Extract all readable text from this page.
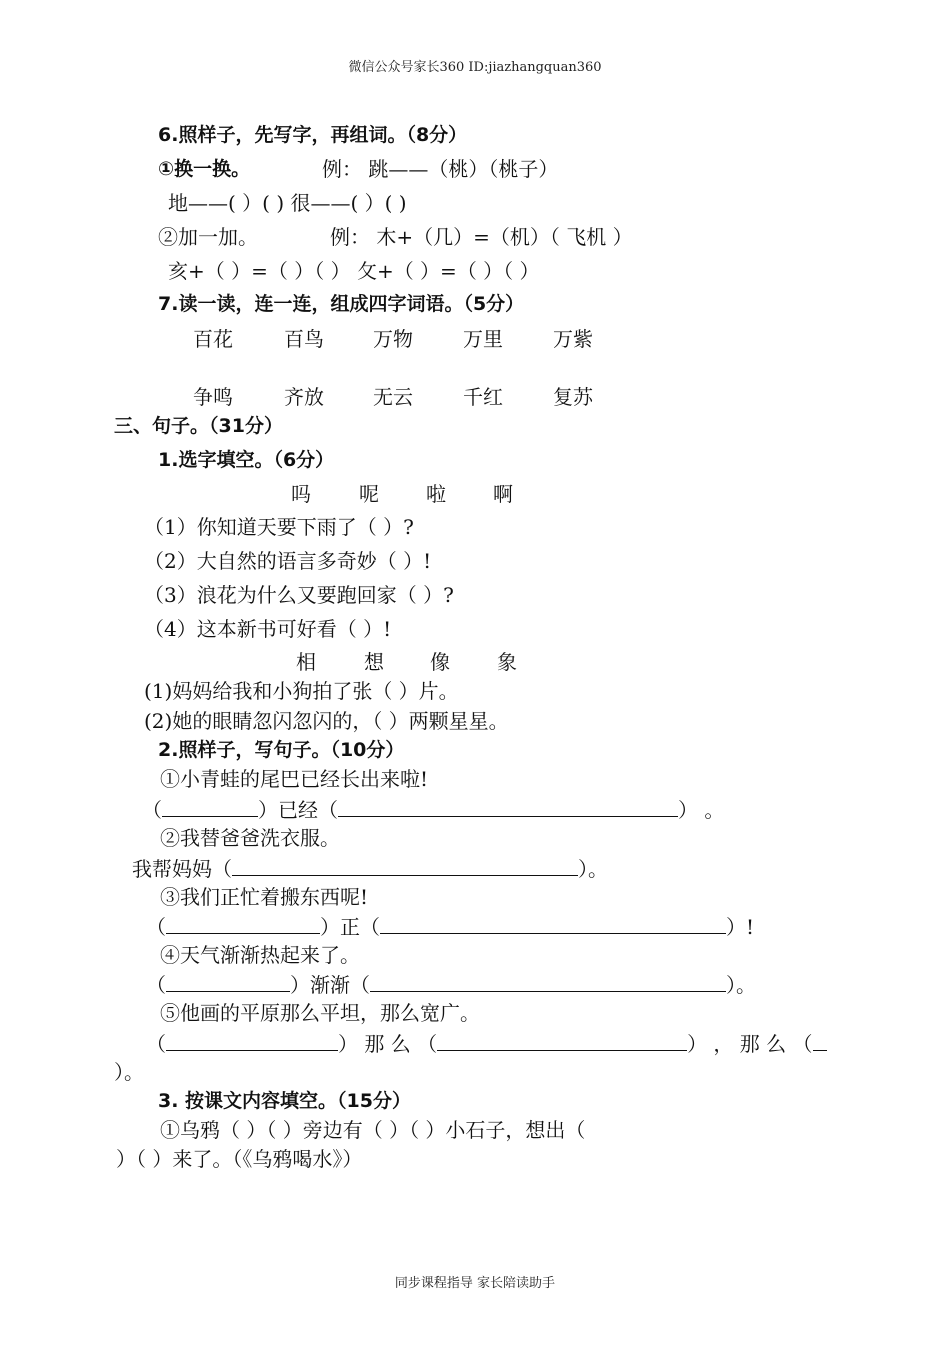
微信公众号家长360 ID:jiazhangquan360
6.照样子，先写字，再组词。（8分）
①换一换。	例： 跳——（桃）（桃子）
地——( ）( ) 很——( ）( )
②加一加。	例： 木+（几）=（机）（ 飞机 ）
亥+（ ）=（ ）（ ） 攵+（ ）=（ ）（ ）
7.读一读，连一连，组成四字词语。（5分）
百花	百鸟 万物	万里	万紫
争鸣	齐放 无云	千红	复苏
三、句子。（31分）
1.选字填空。（6分）
吗 呢 啦 啊
（1）你知道天要下雨了（ ）?
（2）大自然的语言多奇妙（ ）!
（3）浪花为什么又要跑回家（ ）?
（4）这本新书可好看（ ）!
相 想 像 象
(1)妈妈给我和小狗拍了张（ ）片。
(2)她的眼睛忽闪忽闪的，（ ）两颗星星。
2.照样子，写句子。（10分）
①小青蛙的尾巴已经长出来啦!
（	）已经（	） 。
②我替爸爸洗衣服。
我帮妈妈（	）。
③我们正忙着搬东西呢!
（	）正（	）!
④天气渐渐热起来了。
（	）渐渐（	）。
⑤他画的平原那么平坦，那么宽广。
（	） 那 么 （	） ， 那 么 （
）。
3. 按课文内容填空。（15分）
①乌鸦（ ）（ ）旁边有（ ）（ ）小石子，想出（
）（ ）来了。（《乌鸦喝水》）
同步课程指导 家长陪读助手
